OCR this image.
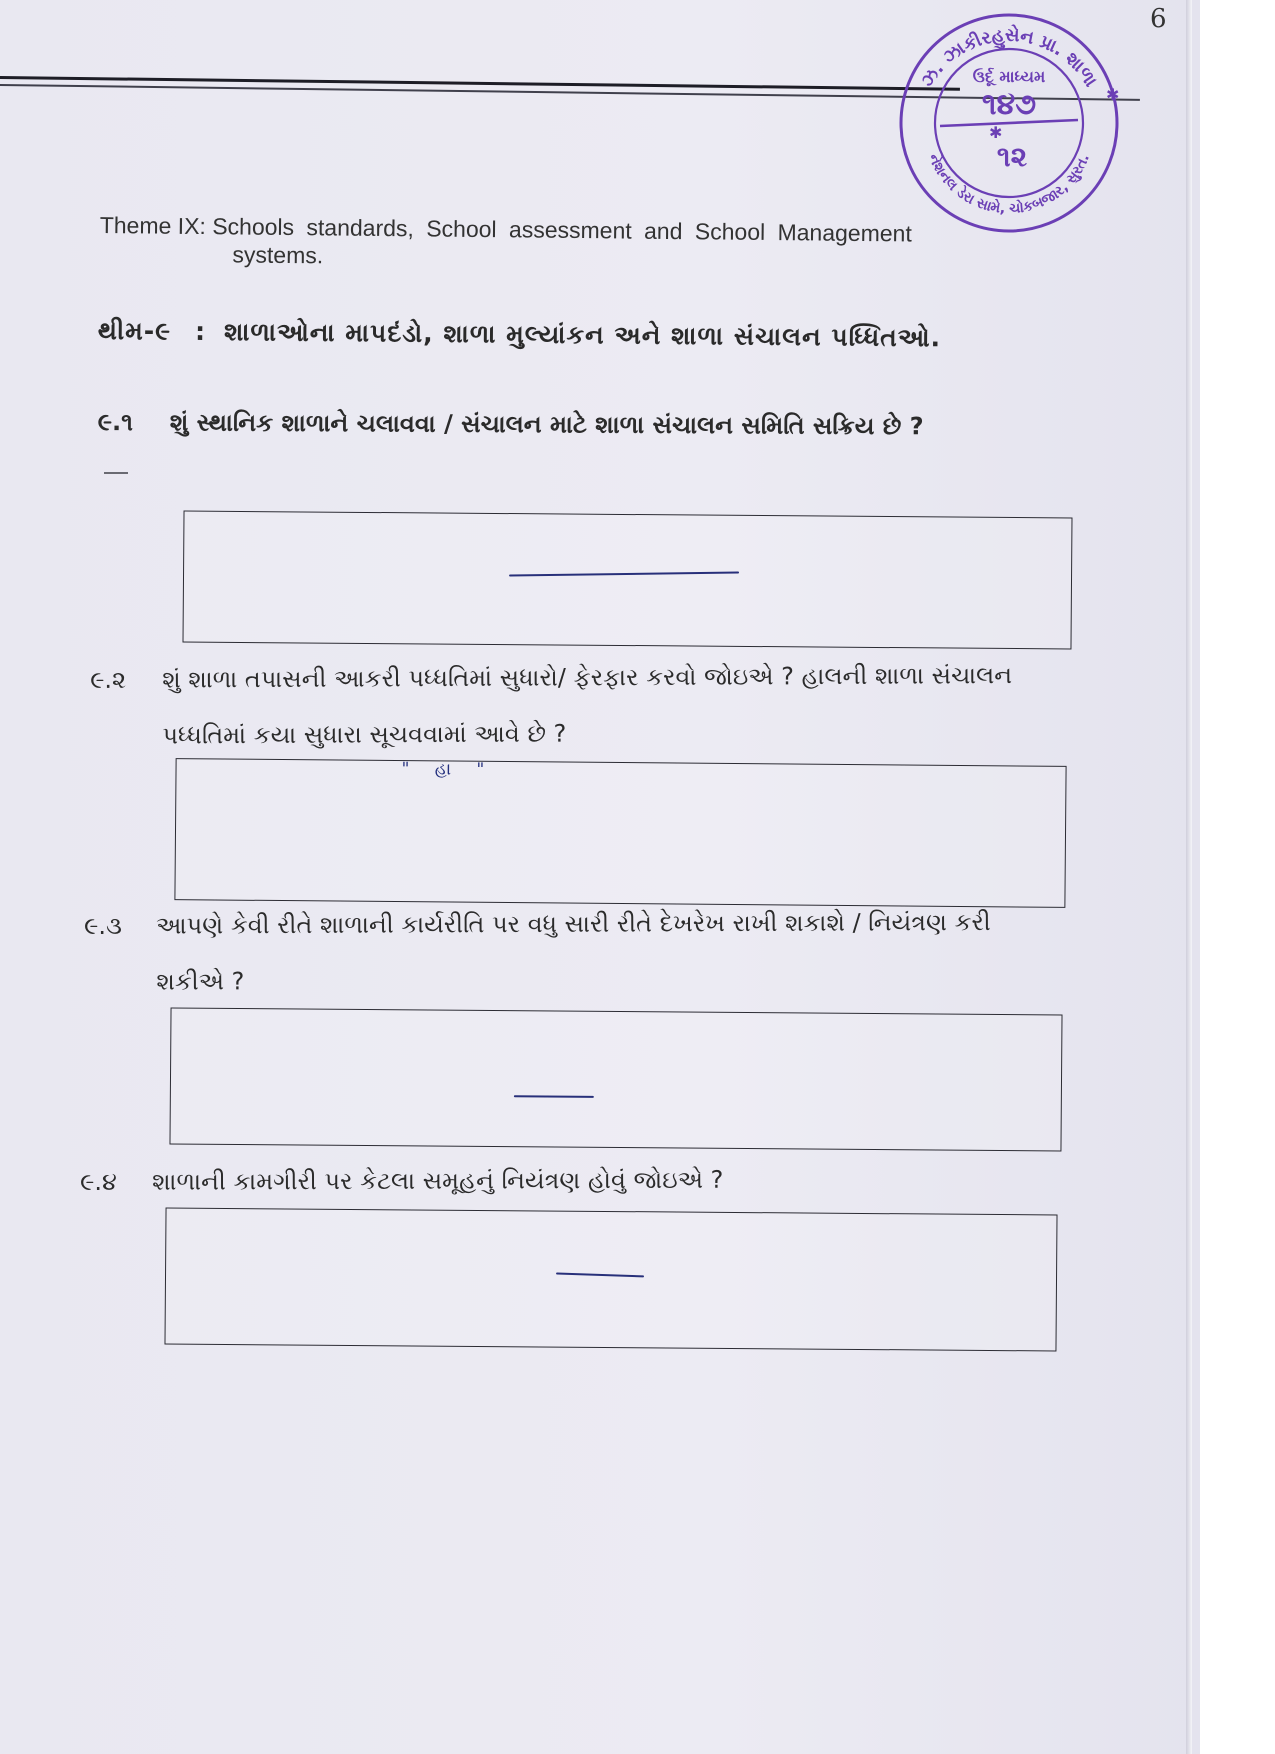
6
ઝ. ઝાકીરહુસેન પ્રા. શાળા
નેશનલ ડેરા સામે, ચોકબજાર, સુરત.
✱
✱
ઉર્દૂ માધ્યમ
૧૪૭
૧૨
Theme IX: Schools standards, School assessment and School Management
systems.
થીમ-૯ : શાળાઓના માપદંડો, શાળા મુલ્યાંકન અને શાળા સંચાલન પધ્ધિતઓ.
૯.૧ શું સ્થાનિક શાળાને ચલાવવા / સંચાલન માટે શાળા સંચાલન સમિતિ સક્રિય છે ?
૯.૨ શું શાળા તપાસની આકરી પધ્ધતિમાં સુધારો/ ફેરફાર કરવો જોઇએ ? હાલની શાળા સંચાલન પધ્ધતિમાં કયા સુધારા સૂચવવામાં આવે છે ?
" હા "
૯.૩ આપણે કેવી રીતે શાળાની કાર્યરીતિ પર વધુ સારી રીતે દેખરેખ રાખી શકાશે / નિયંત્રણ કરી શકીએ ?
૯.૪ શાળાની કામગીરી પર કેટલા સમૂહનું નિયંત્રણ હોવું જોઇએ ?
